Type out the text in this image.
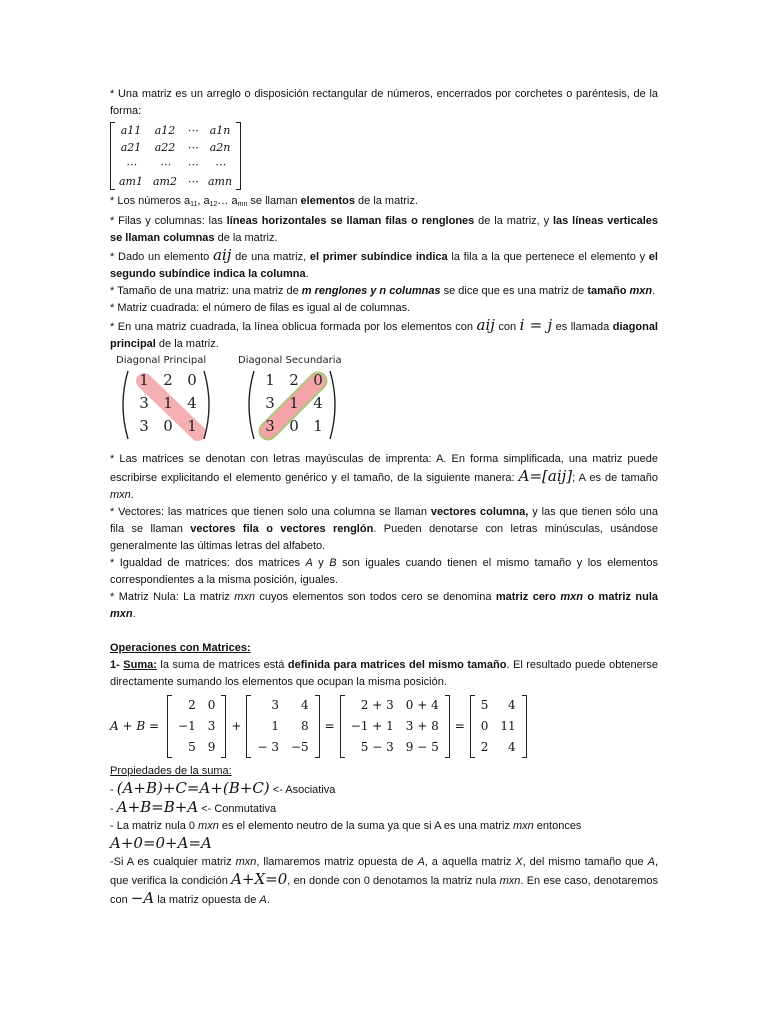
* Una matriz es un arreglo o disposición rectangular de números, encerrados por corchetes o paréntesis, de la forma:

a11	a12	⋯	a1n
a21	a22	⋯	a2n
⋯	⋯	⋯	⋯
am1	am2	⋯	amn

* Los números $a_{11}$, $a_{12}\dots$ $a_{mn}$ se llaman elementos de la matriz.

* Filas y columnas: las líneas horizontales se llaman filas o renglones de la matriz, y las líneas verticales se llaman columnas de la matriz.

* Dado un elemento aij de una matriz, el primer subíndice indica la fila a la que pertenece el elemento y el segundo subíndice indica la columna.

* Tamaño de una matriz: una matriz de m renglones y n columnas se dice que es una matriz de tamaño mxn.

* Matriz cuadrada: el número de filas es igual al de columnas.

* En una matriz cuadrada, la línea oblicua formada por los elementos con aij con i = j es llamada diagonal principal de la matriz.

Diagonal Principal	Diagonal Secundaria
1 2 0
3 1 4
3 0 1
1 2 0
3 1 4
3 0 1

* Las matrices se denotan con letras mayúsculas de imprenta: A. En forma simplificada, una matriz puede escribirse explicitando el elemento genérico y el tamaño, de la siguiente manera: A=[aij]; A es de tamaño mxn.

* Vectores: las matrices que tienen solo una columna se llaman vectores columna, y las que tienen sólo una fila se llaman vectores fila o vectores renglón. Pueden denotarse con letras minúsculas, usándose generalmente las últimas letras del alfabeto.

* Igualdad de matrices: dos matrices A y B son iguales cuando tienen el mismo tamaño y los elementos correspondientes a la misma posición, iguales.

* Matriz Nula: La matriz mxn cuyos elementos son todos cero se denomina matriz cero mxn o matriz nula mxn.

Operaciones con Matrices:

1- Suma: la suma de matrices está definida para matrices del mismo tamaño. El resultado puede obtenerse directamente sumando los elementos que ocupan la misma posición.

A + B =
2	0
−1	3
5	9
+
3	4
1	8
− 3	−5
=
2 + 3	0 + 4
−1 + 1	3 + 8
5 − 3	9 − 5
=
5	4
0	11
2	4

Propiedades de la suma:

- (A+B)+C=A+(B+C) <- Asociativa

- A+B=B+A <- Conmutativa

- La matriz nula 0 mxn es el elemento neutro de la suma ya que si A es una matriz mxn entonces
A+0=0+A=A

-Si A es cualquier matriz mxn, llamaremos matriz opuesta de A, a aquella matriz X, del mismo tamaño que A, que verifica la condición A+X=0, en donde con 0 denotamos la matriz nula mxn. En ese caso, denotaremos con −A la matriz opuesta de A.
